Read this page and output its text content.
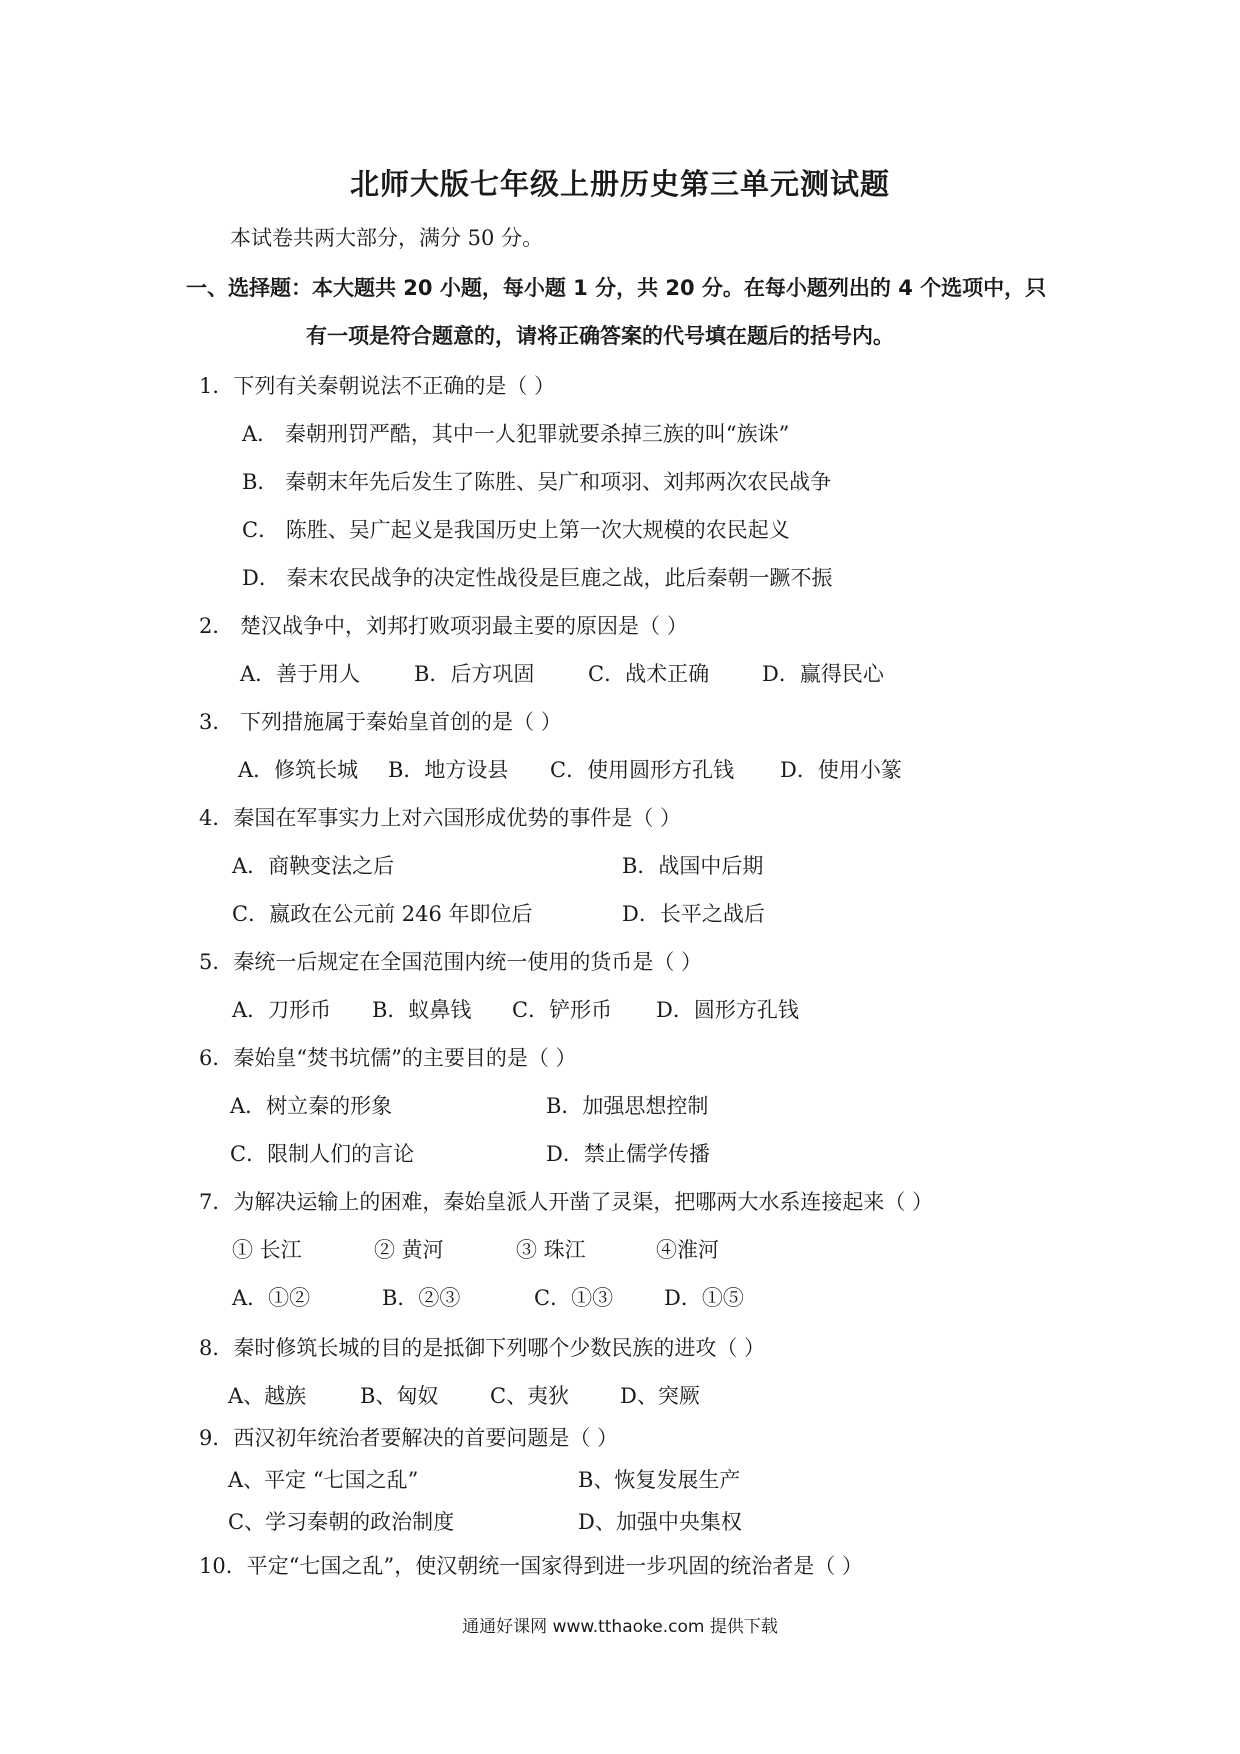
北师大版七年级上册历史第三单元测试题
本试卷共两大部分，满分 50 分。
一、选择题：本大题共 20 小题，每小题 1 分，共 20 分。在每小题列出的 4 个选项中，只
有一项是符合题意的，请将正确答案的代号填在题后的括号内。
1．下列有关秦朝说法不正确的是（ ）
A． 秦朝刑罚严酷，其中一人犯罪就要杀掉三族的叫“族诛”
B． 秦朝末年先后发生了陈胜、吴广和项羽、刘邦两次农民战争
C． 陈胜、吴广起义是我国历史上第一次大规模的农民起义
D． 秦末农民战争的决定性战役是巨鹿之战，此后秦朝一蹶不振
2． 楚汉战争中，刘邦打败项羽最主要的原因是（ ）
A．善于用人	B．后方巩固	C．战术正确	D．赢得民心
3． 下列措施属于秦始皇首创的是（ ）
A．修筑长城 B．地方设县 C．使用圆形方孔钱 D．使用小篆
4．秦国在军事实力上对六国形成优势的事件是（ ）
A．商鞅变法之后	B．战国中后期
C．嬴政在公元前 246 年即位后	D．长平之战后
5．秦统一后规定在全国范围内统一使用的货币是（ ）
A．刀形币 B．蚁鼻钱 C．铲形币 D．圆形方孔钱
6．秦始皇“焚书坑儒”的主要目的是（ ）
A．树立秦的形象	B．加强思想控制
C．限制人们的言论	D．禁止儒学传播
7．为解决运输上的困难，秦始皇派人开凿了灵渠，把哪两大水系连接起来（ ）
① 长江	② 黄河	③ 珠江	④淮河
A．①②	B．②③	C．①③ D．①⑤
8．秦时修筑长城的目的是抵御下列哪个少数民族的进攻（ ）
A、越族	B、匈奴 C、夷狄 D、突厥
9．西汉初年统治者要解决的首要问题是（ ）
A、平定 “七国之乱”	B、恢复发展生产
C、学习秦朝的政治制度	D、加强中央集权
10．平定“七国之乱”，使汉朝统一国家得到进一步巩固的统治者是（ ）
通通好课网 www.tthaoke.com 提供下载
